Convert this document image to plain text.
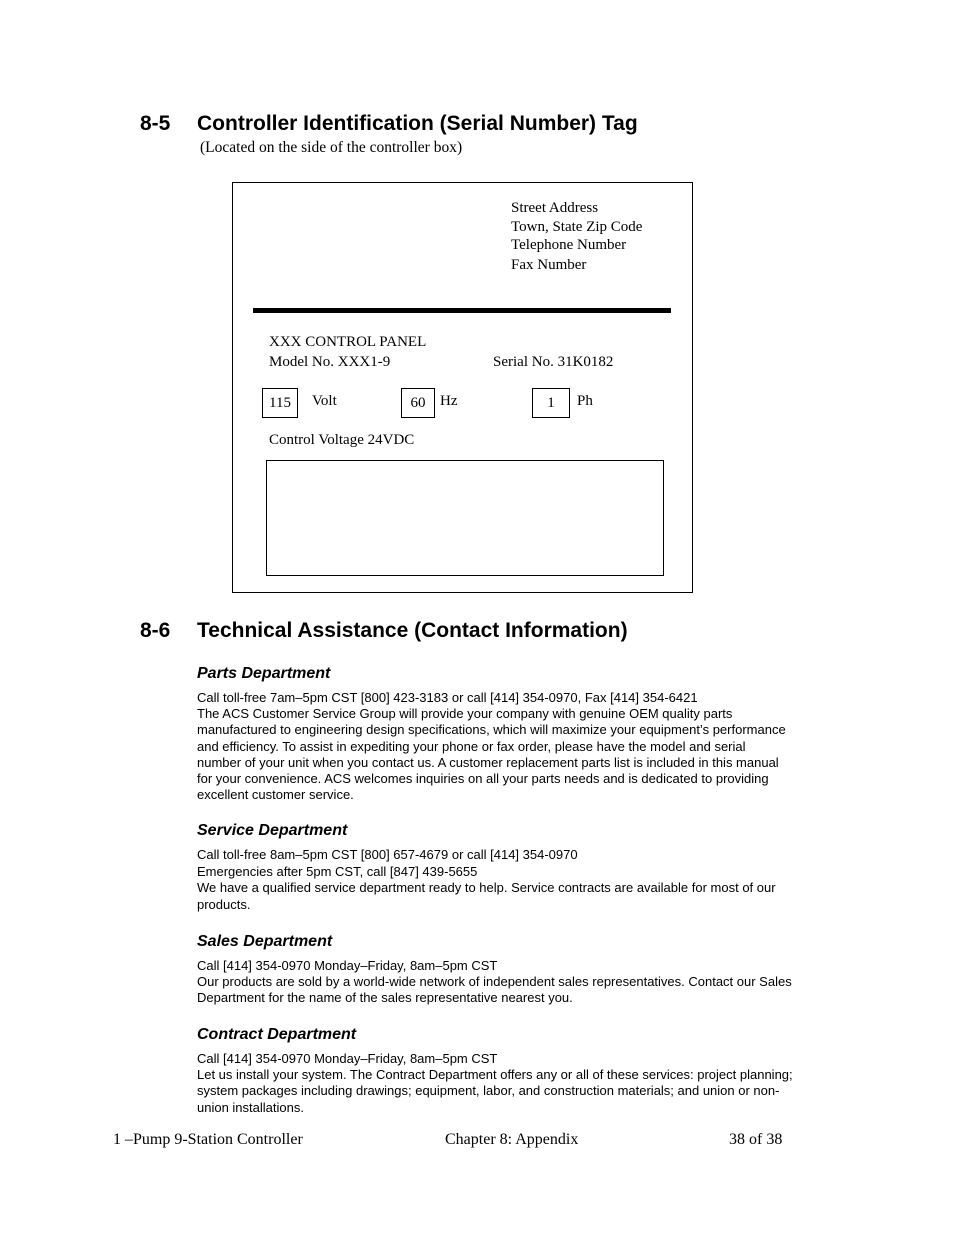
8-5 Controller Identification (Serial Number) Tag
(Located on the side of the controller box)
Street Address
Town, State Zip Code
Telephone Number
Fax Number
XXX CONTROL PANEL
Model No. XXX1-9	Serial No. 31K0182
115	Volt	60 Hz	1	Ph
Control Voltage 24VDC
8-6 Technical Assistance (Contact Information)
Parts Department
Call toll-free 7am–5pm CST [800] 423-3183 or call [414] 354-0970, Fax [414] 354-6421
The ACS Customer Service Group will provide your company with genuine OEM quality parts
manufactured to engineering design specifications, which will maximize your equipment’s performance
and efficiency. To assist in expediting your phone or fax order, please have the model and serial
number of your unit when you contact us. A customer replacement parts list is included in this manual
for your convenience. ACS welcomes inquiries on all your parts needs and is dedicated to providing
excellent customer service.
Service Department
Call toll-free 8am–5pm CST [800] 657-4679 or call [414] 354-0970
Emergencies after 5pm CST, call [847] 439-5655
We have a qualified service department ready to help. Service contracts are available for most of our
products.
Sales Department
Call [414] 354-0970 Monday–Friday, 8am–5pm CST
Our products are sold by a world-wide network of independent sales representatives. Contact our Sales
Department for the name of the sales representative nearest you.
Contract Department
Call [414] 354-0970 Monday–Friday, 8am–5pm CST
Let us install your system. The Contract Department offers any or all of these services: project planning;
system packages including drawings; equipment, labor, and construction materials; and union or non-
union installations.
1 –Pump 9-Station Controller	Chapter 8: Appendix	38 of 38
